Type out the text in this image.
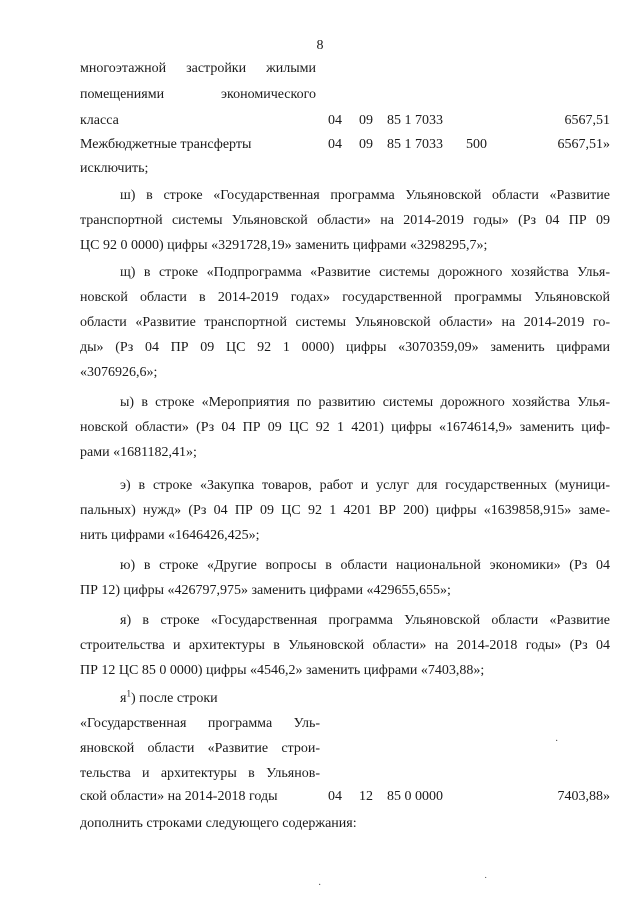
8
многоэтажной застройки жилыми
помещениями экономического
класса	04 09 85 1 7033	6567,51
Межбюджетные трансферты	04 09 85 1 7033 500	6567,51»
исключить;
ш) в строке «Государственная программа Ульяновской области «Развитие
транспортной системы Ульяновской области» на 2014-2019 годы» (Рз 04 ПР 09
ЦС 92 0 0000) цифры «3291728,19» заменить цифрами «3298295,7»;
щ) в строке «Подпрограмма «Развитие системы дорожного хозяйства Улья-
новской области в 2014-2019 годах» государственной программы Ульяновской
области «Развитие транспортной системы Ульяновской области» на 2014-2019 го-
ды» (Рз 04 ПР 09 ЦС 92 1 0000) цифры «3070359,09» заменить цифрами
«3076926,6»;
ы) в строке «Мероприятия по развитию системы дорожного хозяйства Улья-
новской области» (Рз 04 ПР 09 ЦС 92 1 4201) цифры «1674614,9» заменить циф-
рами «1681182,41»;
э) в строке «Закупка товаров, работ и услуг для государственных (муници-
пальных) нужд» (Рз 04 ПР 09 ЦС 92 1 4201 ВР 200) цифры «1639858,915» заме-
нить цифрами «1646426,425»;
ю) в строке «Другие вопросы в области национальной экономики» (Рз 04
ПР 12) цифры «426797,975» заменить цифрами «429655,655»;
я) в строке «Государственная программа Ульяновской области «Развитие
строительства и архитектуры в Ульяновской области» на 2014-2018 годы» (Рз 04
ПР 12 ЦС 85 0 0000) цифры «4546,2» заменить цифрами «7403,88»;
$я^1$) после строки
«Государственная программа Уль-
яновской области «Развитие строи-
тельства и архитектуры в Ульянов-
ской области» на 2014-2018 годы	04 12 85 0 0000	7403,88»
дополнить строками следующего содержания:
·
·	˙
